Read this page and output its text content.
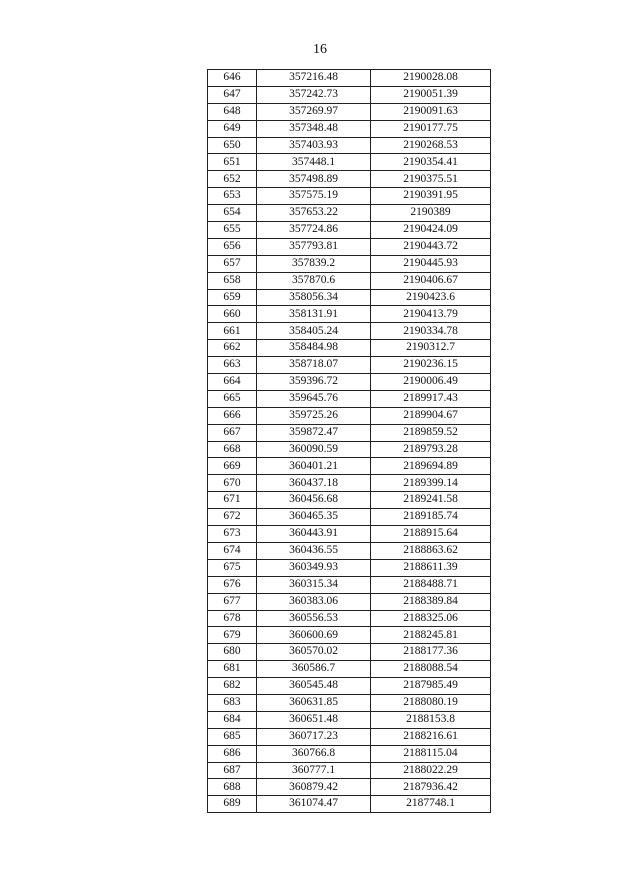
16
646	357216.48	2190028.08
647	357242.73	2190051.39
648	357269.97	2190091.63
649	357348.48	2190177.75
650	357403.93	2190268.53
651	357448.1	2190354.41
652	357498.89	2190375.51
653	357575.19	2190391.95
654	357653.22	2190389
655	357724.86	2190424.09
656	357793.81	2190443.72
657	357839.2	2190445.93
658	357870.6	2190406.67
659	358056.34	2190423.6
660	358131.91	2190413.79
661	358405.24	2190334.78
662	358484.98	2190312.7
663	358718.07	2190236.15
664	359396.72	2190006.49
665	359645.76	2189917.43
666	359725.26	2189904.67
667	359872.47	2189859.52
668	360090.59	2189793.28
669	360401.21	2189694.89
670	360437.18	2189399.14
671	360456.68	2189241.58
672	360465.35	2189185.74
673	360443.91	2188915.64
674	360436.55	2188863.62
675	360349.93	2188611.39
676	360315.34	2188488.71
677	360383.06	2188389.84
678	360556.53	2188325.06
679	360600.69	2188245.81
680	360570.02	2188177.36
681	360586.7	2188088.54
682	360545.48	2187985.49
683	360631.85	2188080.19
684	360651.48	2188153.8
685	360717.23	2188216.61
686	360766.8	2188115.04
687	360777.1	2188022.29
688	360879.42	2187936.42
689	361074.47	2187748.1
